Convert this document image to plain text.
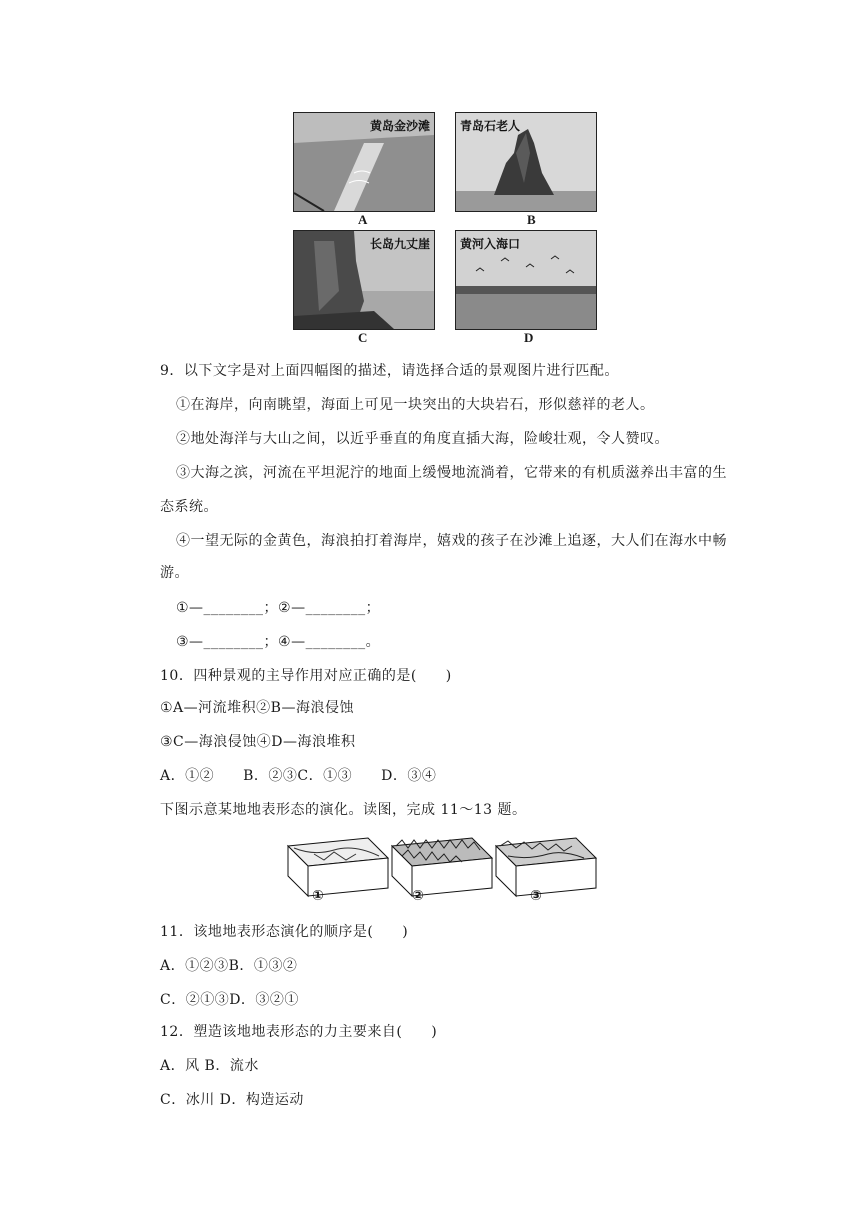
黄岛金沙滩
A
青岛石老人
B
长岛九丈崖
C
黄河入海口
D
9．以下文字是对上面四幅图的描述，请选择合适的景观图片进行匹配。
①在海岸，向南眺望，海面上可见一块突出的大块岩石，形似慈祥的老人。
②地处海洋与大山之间，以近乎垂直的角度直插大海，险峻壮观，令人赞叹。
③大海之滨，河流在平坦泥泞的地面上缓慢地流淌着，它带来的有机质滋养出丰富的生
态系统。
④一望无际的金黄色，海浪拍打着海岸，嬉戏的孩子在沙滩上追逐，大人们在海水中畅
游。
①—________；②—________；
③—________；④—________。
10．四种景观的主导作用对应正确的是(　　)
①A—河流堆积②B—海浪侵蚀
③C—海浪侵蚀④D—海浪堆积
A．①②　　B．②③C．①③　　D．③④
下图示意某地地表形态的演化。读图，完成 11～13 题。
①	②	③
11．该地地表形态演化的顺序是(　　)
A．①②③B．①③②
C．②①③D．③②①
12．塑造该地地表形态的力主要来自(　　)
A．风 B．流水
C．冰川 D．构造运动
